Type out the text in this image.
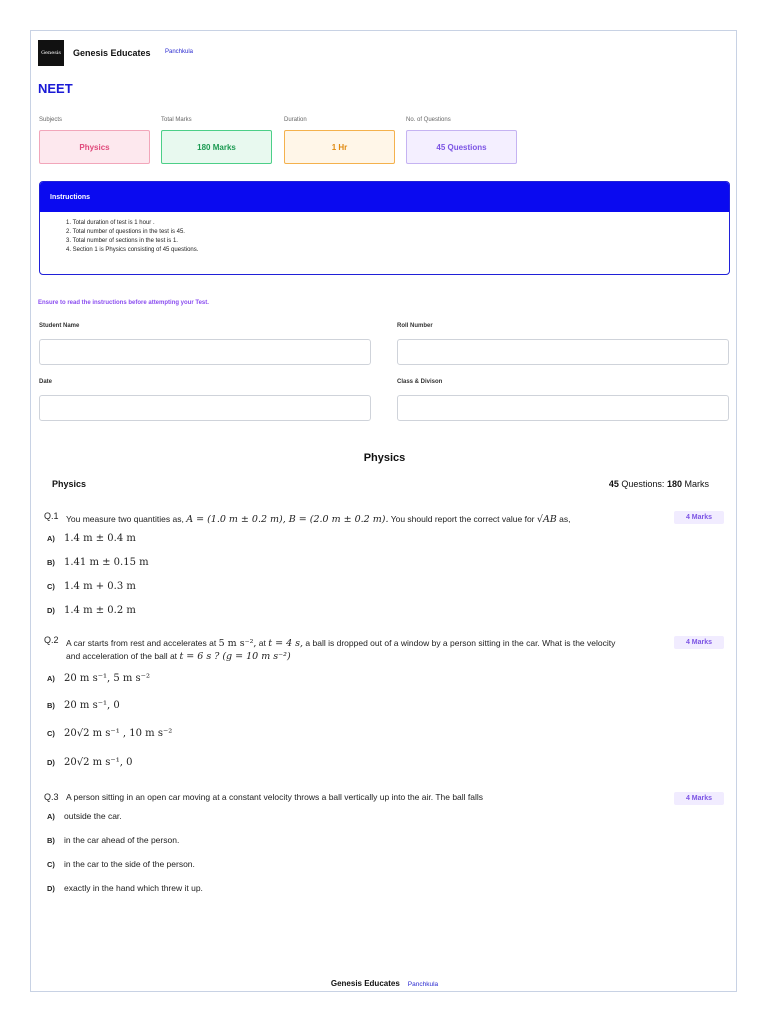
Genesis Genesis Educates Panchkula
NEET
Subjects	Total Marks	Duration	No. of Questions
Physics	180 Marks	1 Hr	45 Questions
Instructions
1. Total duration of test is 1 hour .
2. Total number of questions in the test is 45.
3. Total number of sections in the test is 1.
4. Section 1 is Physics consisting of 45 questions.
Ensure to read the instructions before attempting your Test.
Student Name	Roll Number
Date	Class & Divison
Physics
Physics	45 Questions: 180 Marks
Q.1 You measure two quantities as, A = (1.0 m ± 0.2 m), B = (2.0 m ± 0.2 m). You should report the correct value for √AB as,	4 Marks
A) 1.4 m ± 0.4 m
B) 1.41 m ± 0.15 m
C) 1.4 m + 0.3 m
D) 1.4 m ± 0.2 m
Q.2 A car starts from rest and accelerates at 5 m s⁻², at t = 4 s, a ball is dropped out of a window by a person sitting in the car. What is the velocity
and acceleration of the ball at t = 6 s ? (g = 10 m s⁻²)
4 Marks
A) 20 m s⁻¹, 5 m s⁻²
B) 20 m s⁻¹, 0
C) 20√2 m s⁻¹ , 10 m s⁻²
D) 20√2 m s⁻¹, 0
Q.3 A person sitting in an open car moving at a constant velocity throws a ball vertically up into the air. The ball falls	4 Marks
A) outside the car.
B) in the car ahead of the person.
C) in the car to the side of the person.
D) exactly in the hand which threw it up.
Genesis Educates Panchkula
